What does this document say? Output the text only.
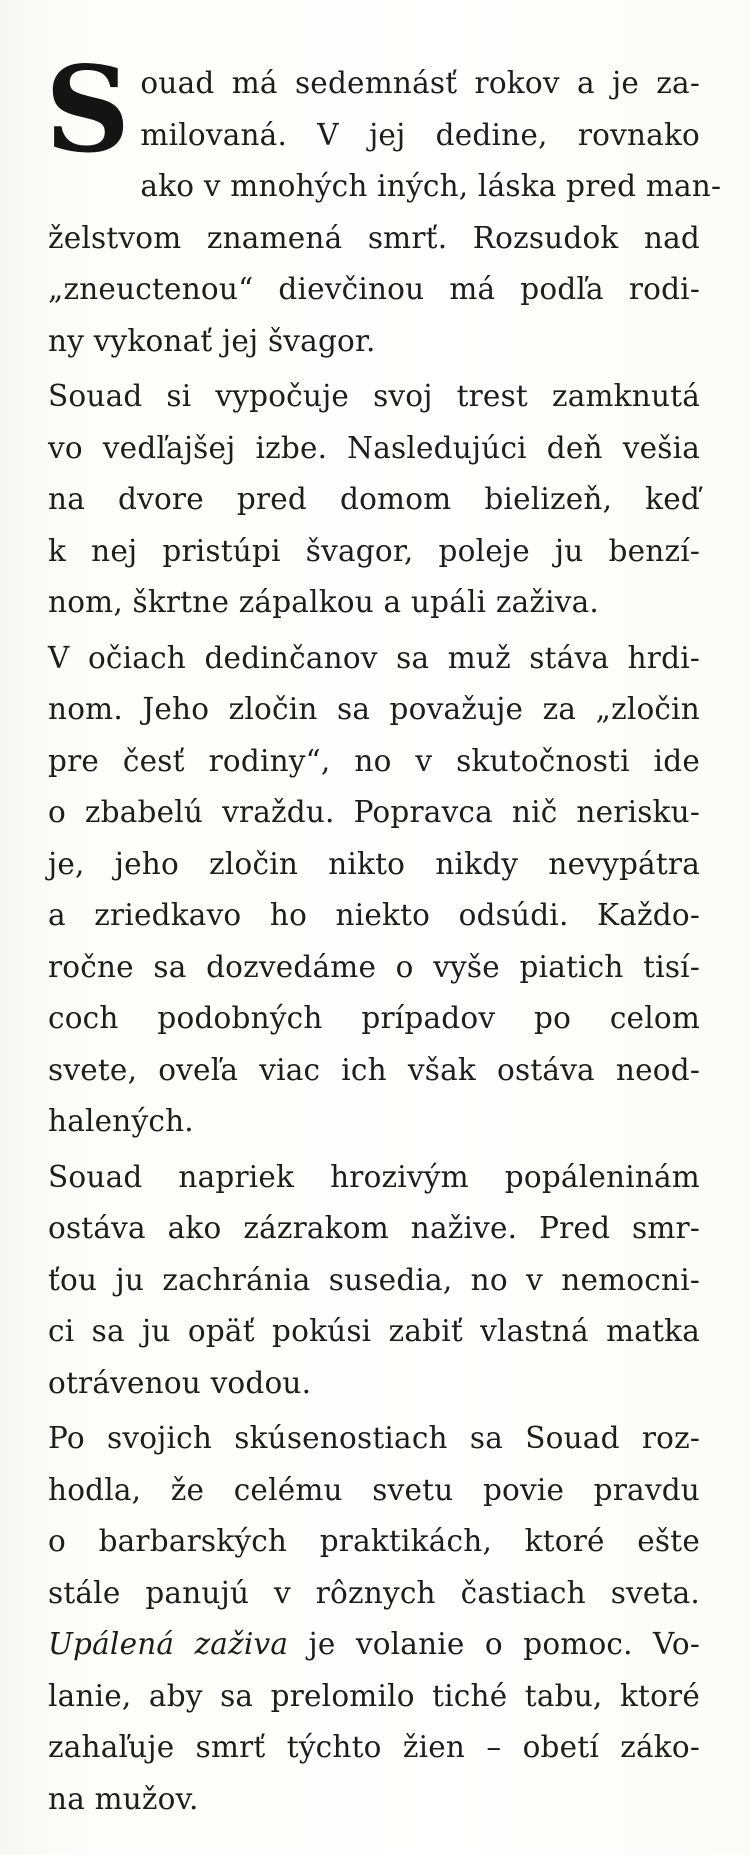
S ouad má sedemnásť rokov a je za-
milovaná. V jej dedine, rovnako
ako v mnohých iných, láska pred man-
želstvom znamená smrť. Rozsudok nad
„zneuctenou“ dievčinou má podľa rodi-
ny vykonať jej švagor.
Souad si vypočuje svoj trest zamknutá
vo vedľajšej izbe. Nasledujúci deň vešia
na dvore pred domom bielizeň, keď
k nej pristúpi švagor, poleje ju benzí-
nom, škrtne zápalkou a upáli zaživa.
V očiach dedinčanov sa muž stáva hrdi-
nom. Jeho zločin sa považuje za „zločin
pre česť rodiny“, no v skutočnosti ide
o zbabelú vraždu. Popravca nič nerisku-
je, jeho zločin nikto nikdy nevypátra
a zriedkavo ho niekto odsúdi. Každo-
ročne sa dozvedáme o vyše piatich tisí-
coch podobných prípadov po celom
svete, oveľa viac ich však ostáva neod-
halených.
Souad napriek hrozivým popáleninám
ostáva ako zázrakom nažive. Pred smr-
ťou ju zachránia susedia, no v nemocni-
ci sa ju opäť pokúsi zabiť vlastná matka
otrávenou vodou.
Po svojich skúsenostiach sa Souad roz-
hodla, že celému svetu povie pravdu
o barbarských praktikách, ktoré ešte
stále panujú v rôznych častiach sveta.
Upálená zaživa je volanie o pomoc. Vo-
lanie, aby sa prelomilo tiché tabu, ktoré
zahaľuje smrť týchto žien – obetí záko-
na mužov.
